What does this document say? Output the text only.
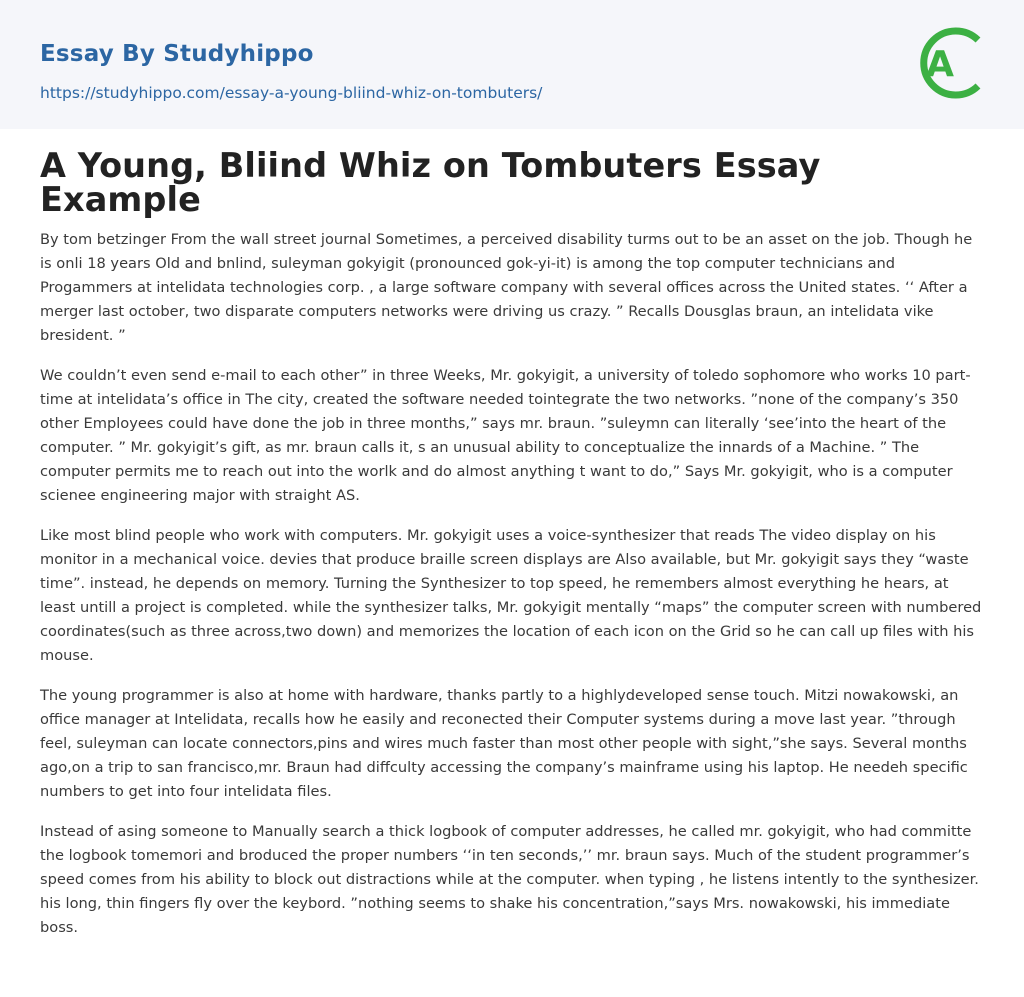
Essay By Studyhippo
https://studyhippo.com/essay-a-young-bliind-whiz-on-tombuters/
A
A Young, Bliind Whiz on Tombuters Essay Example

By tom betzinger From the wall street journal Sometimes, a perceived disability turms out to be an asset on the job. Though he is onli 18 years Old and bnlind, suleyman gokyigit (pronounced gok-yi-it) is among the top computer technicians and Progammers at intelidata technologies corp. , a large software company with several offices across the United states. ‘‘ After a merger last october, two disparate computers networks were driving us crazy. ” Recalls Dousglas braun, an intelidata vike bresident. ”

We couldn’t even send e-mail to each other” in three Weeks, Mr. gokyigit, a university of toledo sophomore who works 10 part-time at intelidata’s office in The city, created the software needed tointegrate the two networks. ”none of the company’s 350 other Employees could have done the job in three months,” says mr. braun. ”suleymn can literally ‘see’into the heart of the computer. ” Mr. gokyigit’s gift, as mr. braun calls it, s an unusual ability to conceptualize the innards of a Machine. ” The computer permits me to reach out into the worlk and do almost anything t want to do,” Says Mr. gokyigit, who is a computer scienee engineering major with straight AS.

Like most blind people who work with computers. Mr. gokyigit uses a voice-synthesizer that reads The video display on his monitor in a mechanical voice. devies that produce braille screen displays are Also available, but Mr. gokyigit says they “waste time”. instead, he depends on memory. Turning the Synthesizer to top speed, he remembers almost everything he hears, at least untill a project is completed. while the synthesizer talks, Mr. gokyigit mentally “maps” the computer screen with numbered coordinates(such as three across,two down) and memorizes the location of each icon on the Grid so he can call up files with his mouse.

The young programmer is also at home with hardware, thanks partly to a highlydeveloped sense touch. Mitzi nowakowski, an office manager at Intelidata, recalls how he easily and reconected their Computer systems during a move last year. ”through feel, suleyman can locate connectors,pins and wires much faster than most other people with sight,”she says. Several months ago,on a trip to san francisco,mr. Braun had diffculty accessing the company’s mainframe using his laptop. He needeh specific numbers to get into four intelidata files.

Instead of asing someone to Manually search a thick logbook of computer addresses, he called mr. gokyigit, who had committe the logbook tomemori and broduced the proper numbers ‘‘in ten seconds,’’ mr. braun says. Much of the student programmer’s speed comes from his ability to block out distractions while at the computer. when typing , he listens intently to the synthesizer. his long, thin fingers fly over the keybord. ”nothing seems to shake his concentration,”says Mrs. nowakowski, his immediate boss.
